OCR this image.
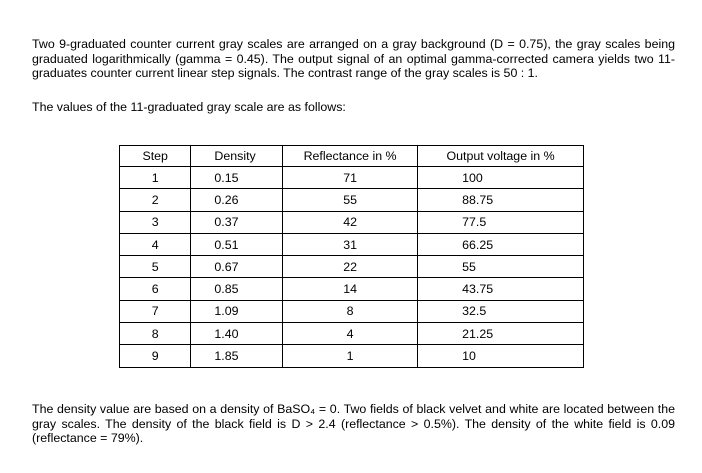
Two 9-graduated counter current gray scales are arranged on a gray background (D = 0.75), the gray scales being graduated logarithmically (gamma = 0.45). The output signal of an optimal gamma-corrected camera yields two 11-graduates counter current linear step signals. The contrast range of the gray scales is 50 : 1.

The values of the 11-graduated gray scale are as follows:

Step	Density	Reflectance in %	Output voltage in %
1	0.15	71	100
2	0.26	55	88.75
3	0.37	42	77.5
4	0.51	31	66.25
5	0.67	22	55
6	0.85	14	43.75
7	1.09	8	32.5
8	1.40	4	21.25
9	1.85	1	10

The density value are based on a density of BaSO₄ = 0. Two fields of black velvet and white are located between the gray scales. The density of the black field is D > 2.4 (reflectance > 0.5%). The density of the white field is 0.09 (reflectance = 79%).
